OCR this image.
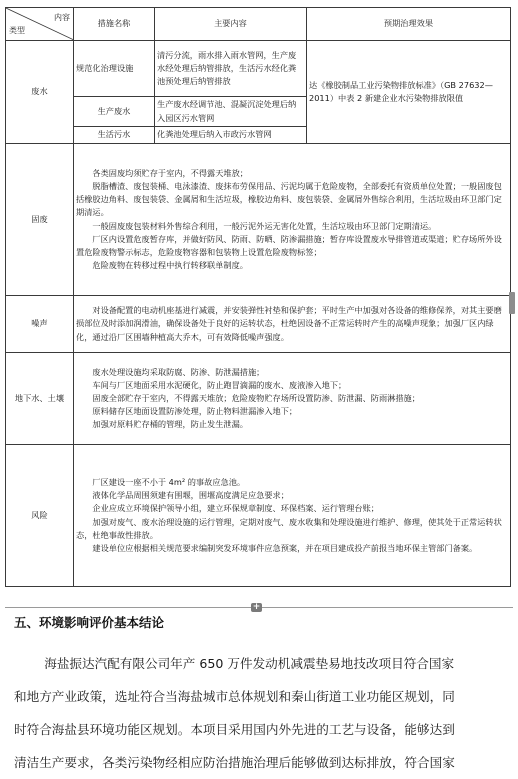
内容
类型	措施名称	主要内容	预期治理效果
废水	规范化治理设施	清污分流，雨水排入雨水管网，生产废水经处理后纳管排放，生活污水经化粪池预处理后纳管排放	达《橡胶制品工业污染物排放标准》（GB 27632—2011）中表 2 新建企业水污染物排放限值
	生产废水	生产废水经调节池、混凝沉淀处理后纳入园区污水管网	
	生活污水	化粪池处理后纳入市政污水管网	
固废	各类固废均须贮存于室内，不得露天堆放；

脱脂槽渣、废包装桶、电泳漆渣、废抹布劳保用品、污泥均属于危险废物，全部委托有资质单位处置；一般固废包括橡胶边角料、废包装袋、金属屑和生活垃圾，橡胶边角料、废包装袋、金属屑外售综合利用，生活垃圾由环卫部门定期清运。

一般固废废包装材料外售综合利用，一般污泥外运无害化处置，生活垃圾由环卫部门定期清运。

厂区内设置危废暂存库，并做好防风、防雨、防晒、防渗漏措施；暂存库设置废水导排管道或渠道；贮存场所外设置危险废物警示标志，危险废物容器和包装物上设置危险废物标签；

危险废物在转移过程中执行转移联单制度。		

噪声	对设备配置的电动机座基进行减震，并安装弹性衬垫和保护套；平时生产中加强对各设备的维修保养，对其主要磨损部位及时添加润滑油，确保设备处于良好的运转状态，杜绝因设备不正常运转时产生的高噪声现象；加强厂区内绿化，通过沿厂区围墙种植高大乔木，可有效降低噪声强度。		

地下水、土壤	废水处理设施均采取防腐、防渗、防泄漏措施；

车间与厂区地面采用水泥硬化，防止跑冒滴漏的废水、废液渗入地下；

固废全部贮存于室内，不得露天堆放；危险废物贮存场所设置防渗、防泄漏、防雨淋措施；

原料储存区地面设置防渗处理，防止物料泄漏渗入地下；

加强对原料贮存桶的管理，防止发生泄漏。		

风险	厂区建设一座不小于 4m² 的事故应急池。

液体化学品周围须建有围堰，围堰高度满足应急要求；

企业应成立环境保护领导小组，建立环保规章制度、环保档案、运行管理台账；

加强对废气、废水治理设施的运行管理，定期对废气、废水收集和处理设施进行维护、修理，使其处于正常运转状态，杜绝事故性排放。

建设单位应根据相关规范要求编制突发环境事件应急预案，并在项目建成投产前报当地环保主管部门备案。		

+
五、环境影响评价基本结论

海盐振达汽配有限公司年产 650 万件发动机减震垫易地技改项目符合国家

和地方产业政策，选址符合当海盐城市总体规划和秦山街道工业功能区规划，同

时符合海盐县环境功能区规划。本项目采用国内外先进的工艺与设备，能够达到

清洁生产要求，各类污染物经相应防治措施治理后能够做到达标排放，符合国家
